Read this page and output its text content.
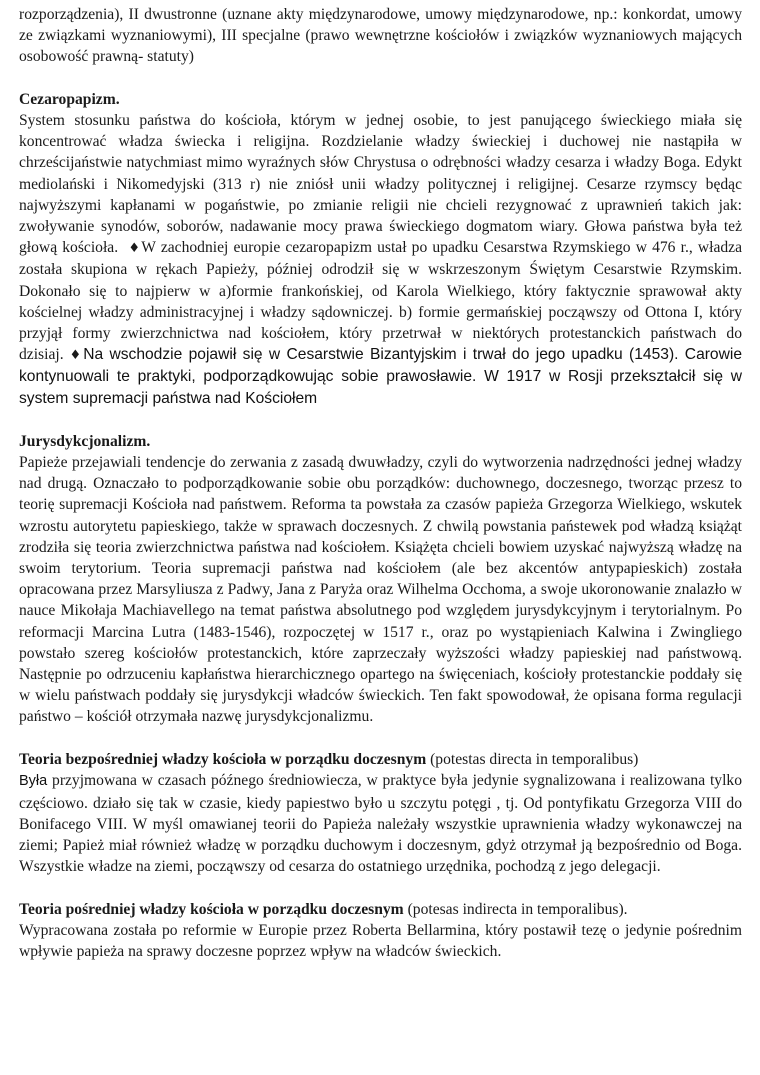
rozporządzenia), II dwustronne (uznane akty międzynarodowe, umowy międzynarodowe, np.: konkordat, umowy ze związkami wyznaniowymi), III specjalne (prawo wewnętrzne kościołów i związków wyznaniowych mających osobowość prawną- statuty)

Cezaropapizm.

System stosunku państwa do kościoła, którym w jednej osobie, to jest panującego świeckiego miała się koncentrować władza świecka i religijna. Rozdzielanie władzy świeckiej i duchowej nie nastąpiła w chrześcijaństwie natychmiast mimo wyraźnych słów Chrystusa o odrębności władzy cesarza i władzy Boga. Edykt mediolański i Nikomedyjski (313 r) nie zniósł unii władzy politycznej i religijnej. Cesarze rzymscy będąc najwyższymi kapłanami w pogaństwie, po zmianie religii nie chcieli rezygnować z uprawnień takich jak: zwoływanie synodów, soborów, nadawanie mocy prawa świeckiego dogmatom wiary. Głowa państwa była też głową kościoła. ♦W zachodniej europie cezaropapizm ustał po upadku Cesarstwa Rzymskiego w 476 r., władza została skupiona w rękach Papieży, później odrodził się w wskrzeszonym Świętym Cesarstwie Rzymskim. Dokonało się to najpierw w a)formie frankońskiej, od Karola Wielkiego, który faktycznie sprawował akty kościelnej władzy administracyjnej i władzy sądowniczej. b) formie germańskiej począwszy od Ottona I, który przyjął formy zwierzchnictwa nad kościołem, który przetrwał w niektórych protestanckich państwach do dzisiaj. ♦Na wschodzie pojawił się w Cesarstwie Bizantyjskim i trwał do jego upadku (1453). Carowie kontynuowali te praktyki, podporządkowując sobie prawosławie. W 1917 w Rosji przekształcił się w system supremacji państwa nad Kościołem

Jurysdykcjonalizm.

Papieże przejawiali tendencje do zerwania z zasadą dwuwładzy, czyli do wytworzenia nadrzędności jednej władzy nad drugą. Oznaczało to podporządkowanie sobie obu porządków: duchownego, doczesnego, tworząc przesz to teorię supremacji Kościoła nad państwem. Reforma ta powstała za czasów papieża Grzegorza Wielkiego, wskutek wzrostu autorytetu papieskiego, także w sprawach doczesnych. Z chwilą powstania państewek pod władzą książąt zrodziła się teoria zwierzchnictwa państwa nad kościołem. Książęta chcieli bowiem uzyskać najwyższą władzę na swoim terytorium. Teoria supremacji państwa nad kościołem (ale bez akcentów antypapieskich) została opracowana przez Marsyliusza z Padwy, Jana z Paryża oraz Wilhelma Occhoma, a swoje ukoronowanie znalazło w nauce Mikołaja Machiavellego na temat państwa absolutnego pod względem jurysdykcyjnym i terytorialnym. Po reformacji Marcina Lutra (1483-1546), rozpoczętej w 1517 r., oraz po wystąpieniach Kalwina i Zwingliego powstało szereg kościołów protestanckich, które zaprzeczały wyższości władzy papieskiej nad państwową. Następnie po odrzuceniu kapłaństwa hierarchicznego opartego na święceniach, kościoły protestanckie poddały się w wielu państwach poddały się jurysdykcji władców świeckich. Ten fakt spowodował, że opisana forma regulacji państwo – kościół otrzymała nazwę jurysdykcjonalizmu.

Teoria bezpośredniej władzy kościoła w porządku doczesnym (potestas directa in temporalibus)

Była przyjmowana w czasach późnego średniowiecza, w praktyce była jedynie sygnalizowana i realizowana tylko częściowo. działo się tak w czasie, kiedy papiestwo było u szczytu potęgi , tj. Od pontyfikatu Grzegorza VIII do Bonifacego VIII. W myśl omawianej teorii do Papieża należały wszystkie uprawnienia władzy wykonawczej na ziemi; Papież miał również władzę w porządku duchowym i doczesnym, gdyż otrzymał ją bezpośrednio od Boga. Wszystkie władze na ziemi, począwszy od cesarza do ostatniego urzędnika, pochodzą z jego delegacji.

Teoria pośredniej władzy kościoła w porządku doczesnym (potesas indirecta in temporalibus).

Wypracowana została po reformie w Europie przez Roberta Bellarmina, który postawił tezę o jedynie pośrednim wpływie papieża na sprawy doczesne poprzez wpływ na władców świeckich.
